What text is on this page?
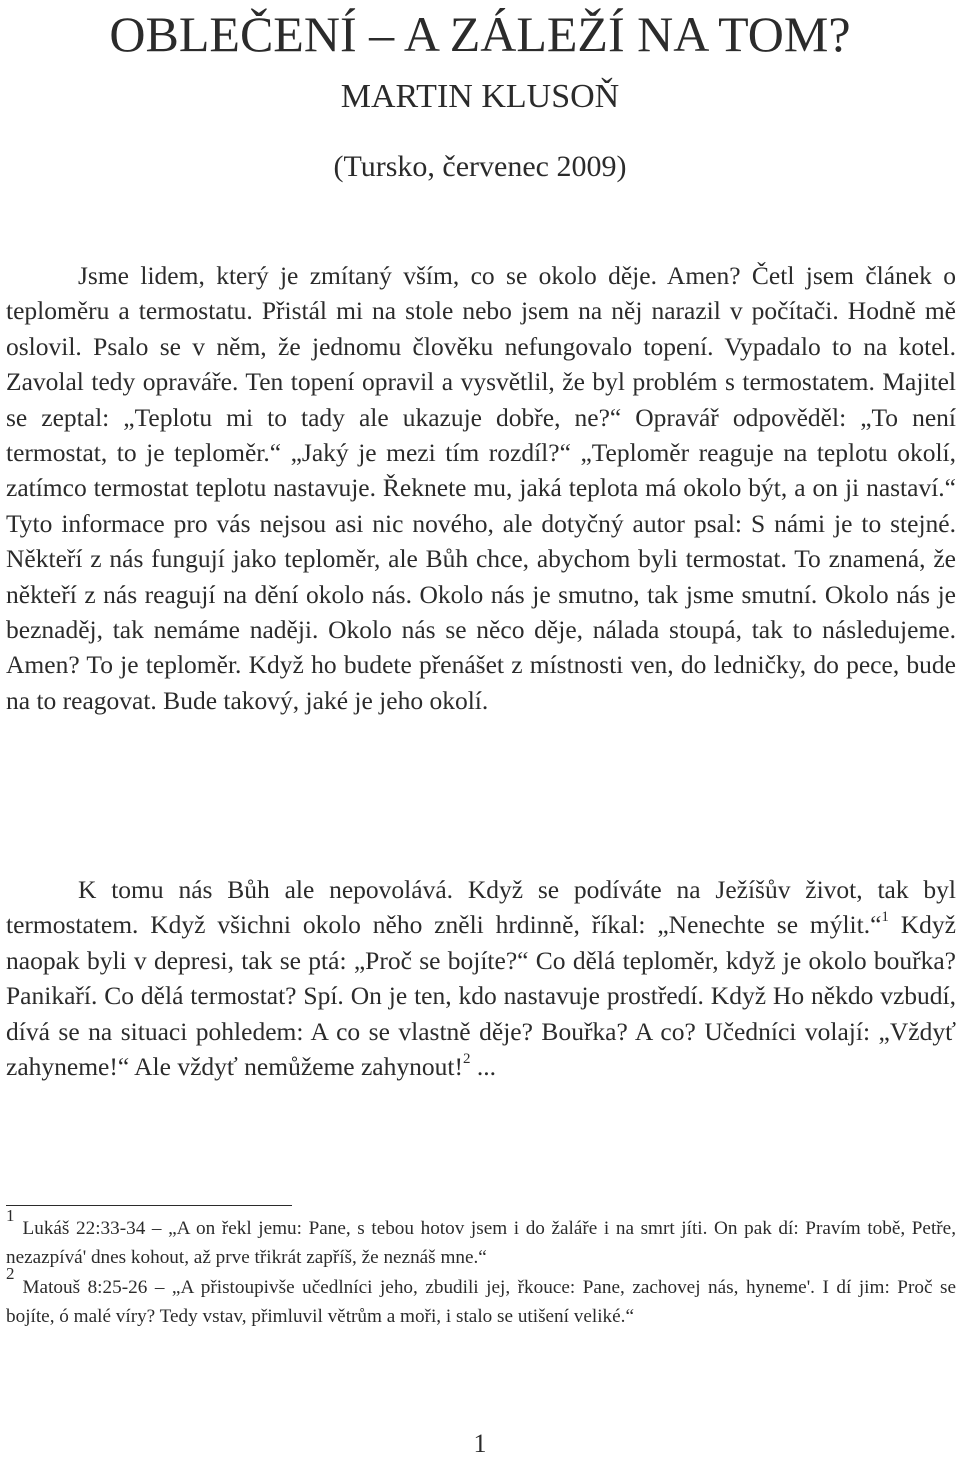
OBLEČENÍ – A ZÁLEŽÍ NA TOM?
MARTIN KLUSOŇ
(Tursko, červenec 2009)

Jsme lidem, který je zmítaný vším, co se okolo děje. Amen? Četl jsem článek o teploměru a termostatu. Přistál mi na stole nebo jsem na něj narazil v počítači. Hodně mě oslovil. Psalo se v něm, že jednomu člověku nefungovalo topení. Vypadalo to na kotel. Zavolal tedy opraváře. Ten topení opravil a vysvětlil, že byl problém s termostatem. Majitel se zeptal: „Teplotu mi to tady ale ukazuje dobře, ne?“ Opravář odpověděl: „To není termostat, to je teploměr.“ „Jaký je mezi tím rozdíl?“ „Teploměr reaguje na teplotu okolí, zatímco termostat teplotu nastavuje. Řeknete mu, jaká teplota má okolo být, a on ji nastaví.“ Tyto informace pro vás nejsou asi nic nového, ale dotyčný autor psal: S námi je to stejné. Někteří z nás fungují jako teploměr, ale Bůh chce, abychom byli termostat. To znamená, že někteří z nás reagují na dění okolo nás. Okolo nás je smutno, tak jsme smutní. Okolo nás je beznaděj, tak nemáme naději. Okolo nás se něco děje, nálada stoupá, tak to následujeme. Amen? To je teploměr. Když ho budete přenášet z místnosti ven, do ledničky, do pece, bude na to reagovat. Bude takový, jaké je jeho okolí.

K tomu nás Bůh ale nepovolává. Když se podíváte na Ježíšův život, tak byl termostatem. Když všichni okolo něho zněli hrdinně, říkal: „Nenechte se mýlit.“$^1$ Když naopak byli v depresi, tak se ptá: „Proč se bojíte?“ Co dělá teploměr, když je okolo bouřka? Panikaří. Co dělá termostat? Spí. On je ten, kdo nastavuje prostředí. Když Ho někdo vzbudí, dívá se na situaci pohledem: A co se vlastně děje? Bouřka? A co? Učedníci volají: „Vždyť zahyneme!“ Ale vždyť nemůžeme zahynout!$^2$ ...

1Lukáš 22:33-34 – „A on řekl jemu: Pane, s tebou hotov jsem i do žaláře i na smrt jíti. On pak dí: Pravím tobě, Petře, nezazpívá' dnes kohout, až prve třikrát zapříš, že neznáš mne.“

2Matouš 8:25-26 – „A přistoupivše učedlníci jeho, zbudili jej, řkouce: Pane, zachovej nás, hyneme'. I dí jim: Proč se bojíte, ó malé víry? Tedy vstav, přimluvil větrům a moři, i stalo se utišení veliké.“

1
